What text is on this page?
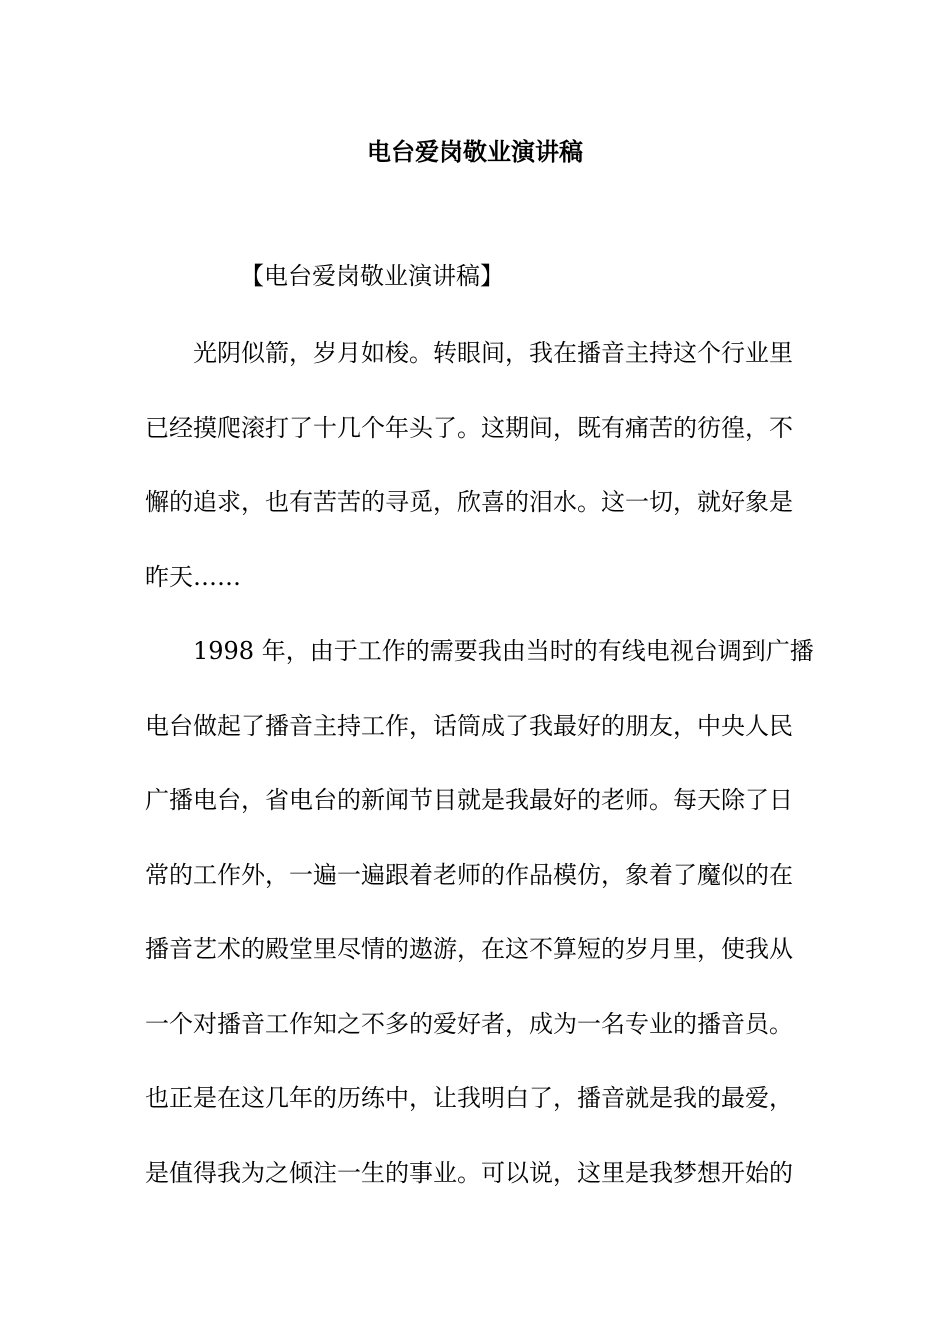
电台爱岗敬业演讲稿
【电台爱岗敬业演讲稿】
光阴似箭，岁月如梭。转眼间，我在播音主持这个行业里
已经摸爬滚打了十几个年头了。这期间，既有痛苦的彷徨，不
懈的追求，也有苦苦的寻觅，欣喜的泪水。这一切，就好象是
昨天……
1998 年，由于工作的需要我由当时的有线电视台调到广播
电台做起了播音主持工作，话筒成了我最好的朋友，中央人民
广播电台，省电台的新闻节目就是我最好的老师。每天除了日
常的工作外，一遍一遍跟着老师的作品模仿，象着了魔似的在
播音艺术的殿堂里尽情的遨游，在这不算短的岁月里，使我从
一个对播音工作知之不多的爱好者，成为一名专业的播音员。
也正是在这几年的历练中，让我明白了，播音就是我的最爱，
是值得我为之倾注一生的事业。可以说，这里是我梦想开始的
